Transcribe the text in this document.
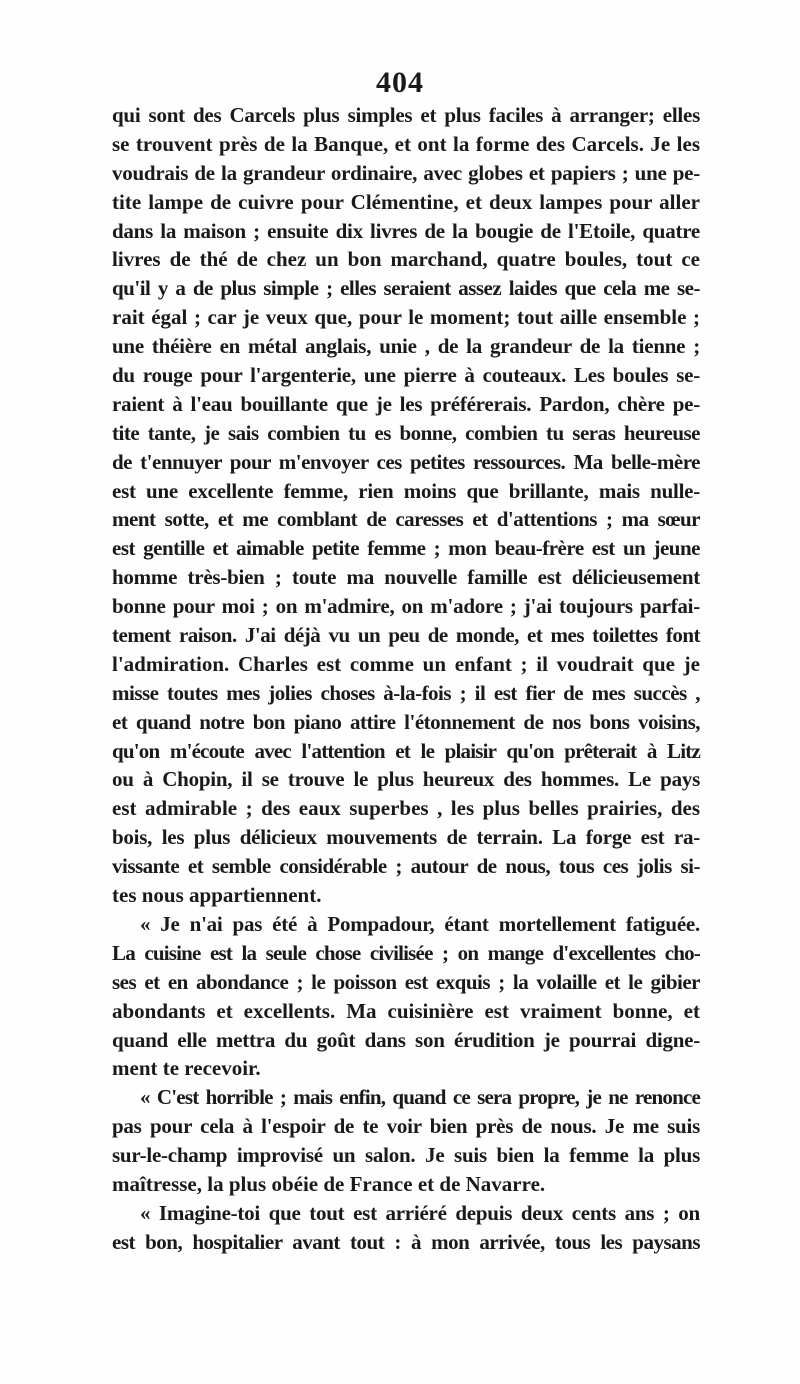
404
qui sont des Carcels plus simples et plus faciles à arranger; elles
se trouvent près de la Banque, et ont la forme des Carcels. Je les
voudrais de la grandeur ordinaire, avec globes et papiers ; une pe-
tite lampe de cuivre pour Clémentine, et deux lampes pour aller
dans la maison ; ensuite dix livres de la bougie de l'Etoile, quatre
livres de thé de chez un bon marchand, quatre boules, tout ce
qu'il y a de plus simple ; elles seraient assez laides que cela me se-
rait égal ; car je veux que, pour le moment; tout aille ensemble ;
une théière en métal anglais, unie , de la grandeur de la tienne ;
du rouge pour l'argenterie, une pierre à couteaux. Les boules se-
raient à l'eau bouillante que je les préférerais. Pardon, chère pe-
tite tante, je sais combien tu es bonne, combien tu seras heureuse
de t'ennuyer pour m'envoyer ces petites ressources. Ma belle-mère
est une excellente femme, rien moins que brillante, mais nulle-
ment sotte, et me comblant de caresses et d'attentions ; ma sœur
est gentille et aimable petite femme ; mon beau-frère est un jeune
homme très-bien ; toute ma nouvelle famille est délicieusement
bonne pour moi ; on m'admire, on m'adore ; j'ai toujours parfai-
tement raison. J'ai déjà vu un peu de monde, et mes toilettes font
l'admiration. Charles est comme un enfant ; il voudrait que je
misse toutes mes jolies choses à-la-fois ; il est fier de mes succès ,
et quand notre bon piano attire l'étonnement de nos bons voisins,
qu'on m'écoute avec l'attention et le plaisir qu'on prêterait à Litz
ou à Chopin, il se trouve le plus heureux des hommes. Le pays
est admirable ; des eaux superbes , les plus belles prairies, des
bois, les plus délicieux mouvements de terrain. La forge est ra-
vissante et semble considérable ; autour de nous, tous ces jolis si-
tes nous appartiennent.
« Je n'ai pas été à Pompadour, étant mortellement fatiguée.
La cuisine est la seule chose civilisée ; on mange d'excellentes cho-
ses et en abondance ; le poisson est exquis ; la volaille et le gibier
abondants et excellents. Ma cuisinière est vraiment bonne, et
quand elle mettra du goût dans son érudition je pourrai digne-
ment te recevoir.
« C'est horrible ; mais enfin, quand ce sera propre, je ne renonce
pas pour cela à l'espoir de te voir bien près de nous. Je me suis
sur-le-champ improvisé un salon. Je suis bien la femme la plus
maîtresse, la plus obéie de France et de Navarre.
« Imagine-toi que tout est arriéré depuis deux cents ans ; on
est bon, hospitalier avant tout : à mon arrivée, tous les paysans
